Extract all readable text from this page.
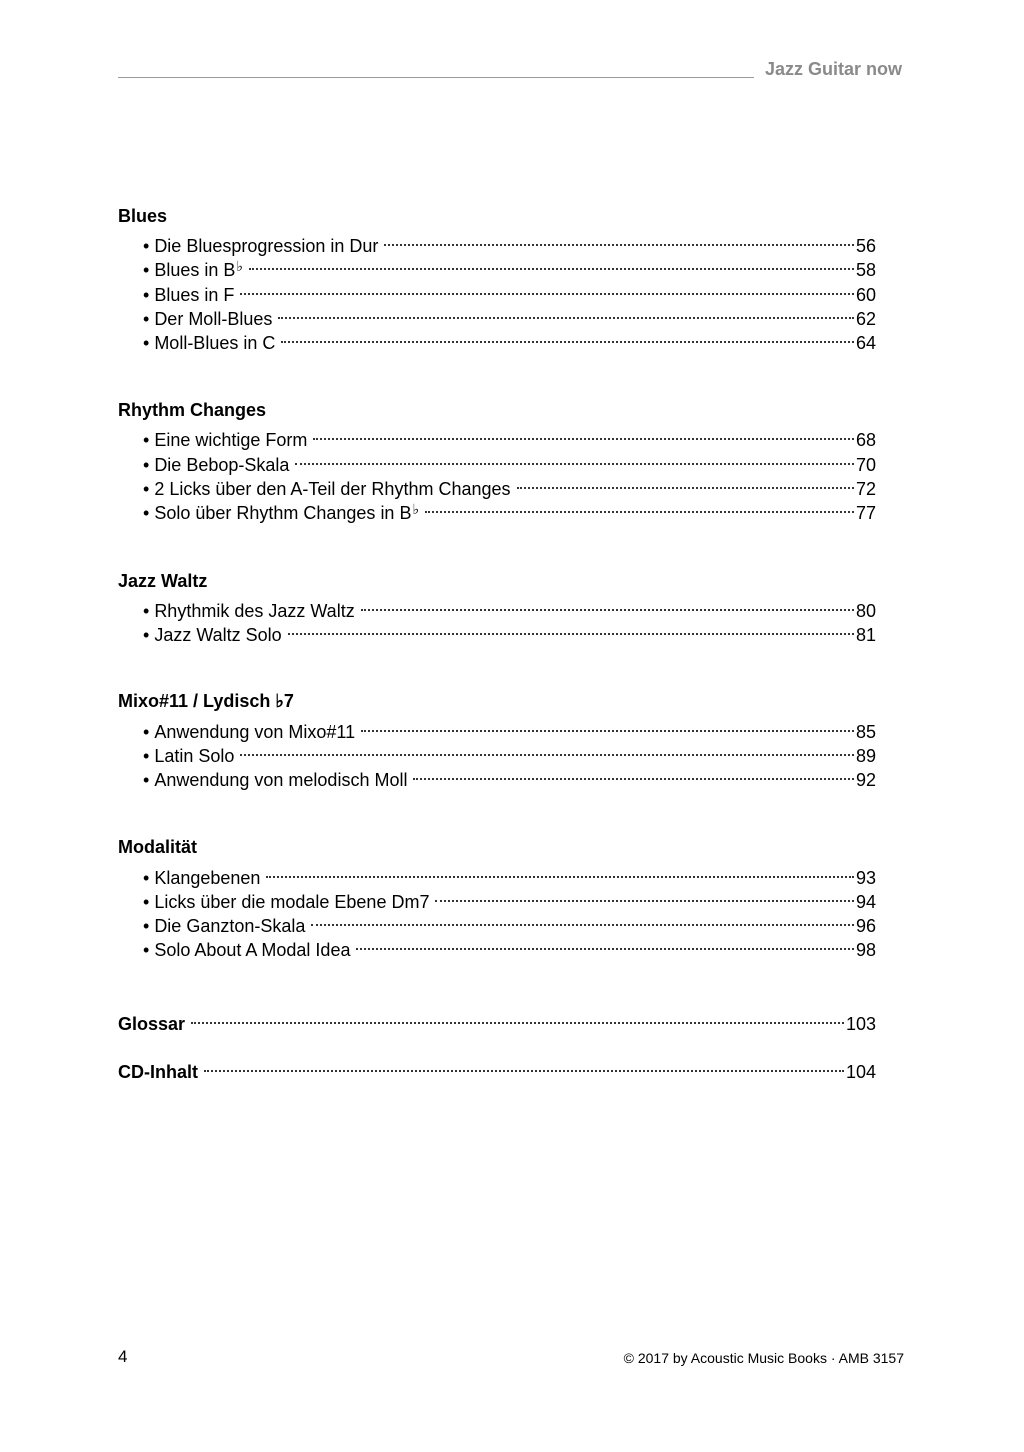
Jazz Guitar now
Blues
• Die Bluesprogression in Dur	56
• Blues in B♭	58
• Blues in F	60
• Der Moll-Blues	62
• Moll-Blues in C	64
Rhythm Changes
• Eine wichtige Form	68
• Die Bebop-Skala	70
• 2 Licks über den A-Teil der Rhythm Changes	72
• Solo über Rhythm Changes in B♭	77
Jazz Waltz
• Rhythmik des Jazz Waltz	80
• Jazz Waltz Solo	81
Mixo#11 / Lydisch ♭7
• Anwendung von Mixo#11	85
• Latin Solo	89
• Anwendung von melodisch Moll	92
Modalität
• Klangebenen	93
• Licks über die modale Ebene Dm7	94
• Die Ganzton-Skala	96
• Solo About A Modal Idea	98
Glossar	103
CD-Inhalt	104
4	© 2017 by Acoustic Music Books · AMB 3157
